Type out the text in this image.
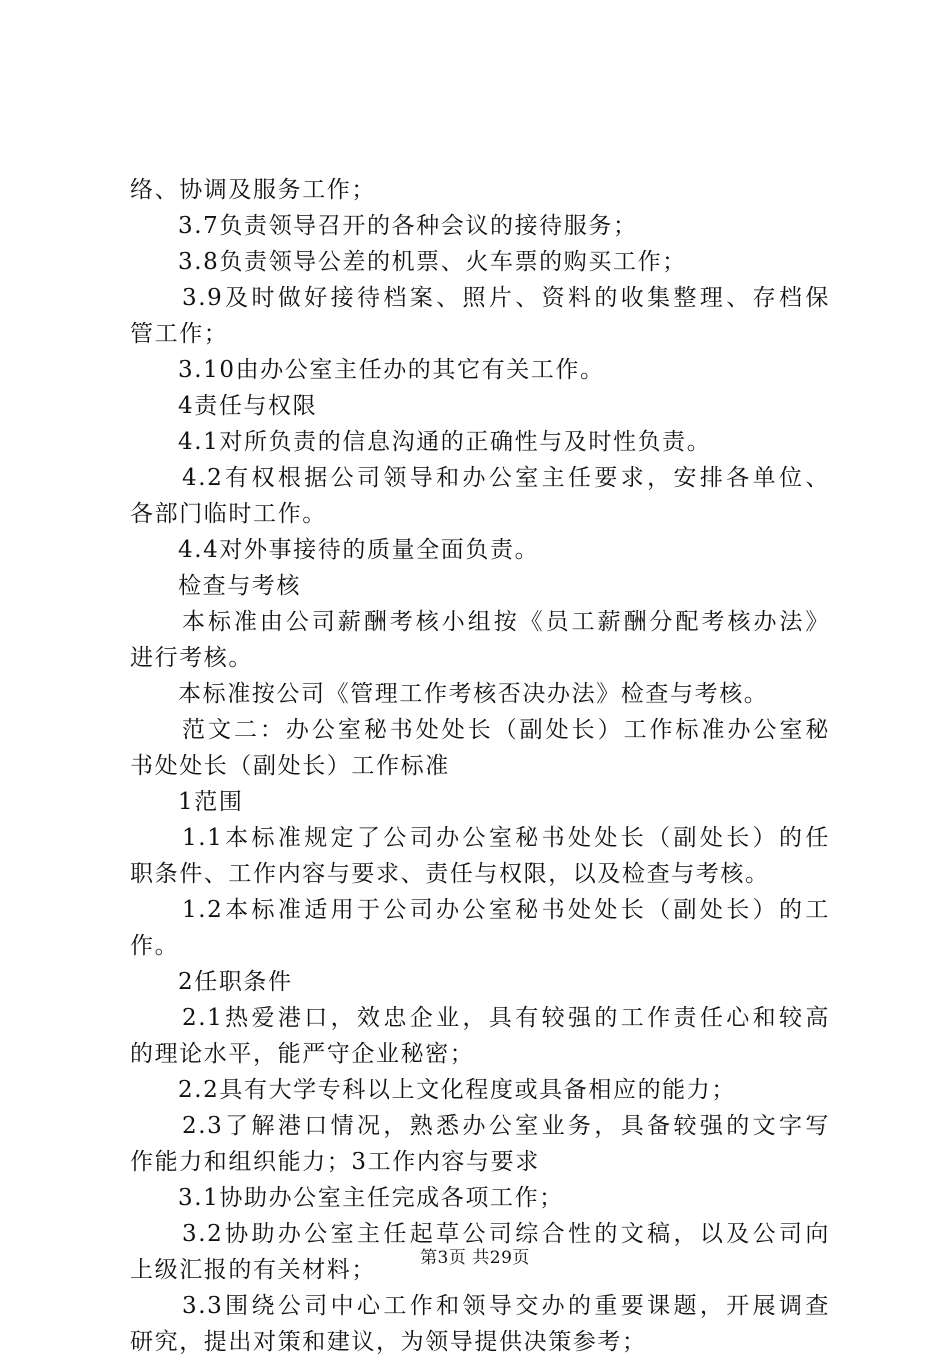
络、协调及服务工作；
3.7负责领导召开的各种会议的接待服务；
3.8负责领导公差的机票、火车票的购买工作；
3.9及时做好接待档案、照片、资料的收集整理、存档保
管工作；
3.10由办公室主任办的其它有关工作。
4责任与权限
4.1对所负责的信息沟通的正确性与及时性负责。
4.2有权根据公司领导和办公室主任要求，安排各单位、
各部门临时工作。
4.4对外事接待的质量全面负责。
检查与考核
本标准由公司薪酬考核小组按《员工薪酬分配考核办法》
进行考核。
本标准按公司《管理工作考核否决办法》检查与考核。
范文二：办公室秘书处处长（副处长）工作标准办公室秘
书处处长（副处长）工作标准
1范围
1.1本标准规定了公司办公室秘书处处长（副处长）的任
职条件、工作内容与要求、责任与权限，以及检查与考核。
1.2本标准适用于公司办公室秘书处处长（副处长）的工
作。
2任职条件
2.1热爱港口，效忠企业，具有较强的工作责任心和较高
的理论水平，能严守企业秘密；
2.2具有大学专科以上文化程度或具备相应的能力；
2.3了解港口情况，熟悉办公室业务，具备较强的文字写
作能力和组织能力；3工作内容与要求
3.1协助办公室主任完成各项工作；
3.2协助办公室主任起草公司综合性的文稿，以及公司向
上级汇报的有关材料；
3.3围绕公司中心工作和领导交办的重要课题，开展调查
研究，提出对策和建议，为领导提供决策参考；
第3页 共29页
